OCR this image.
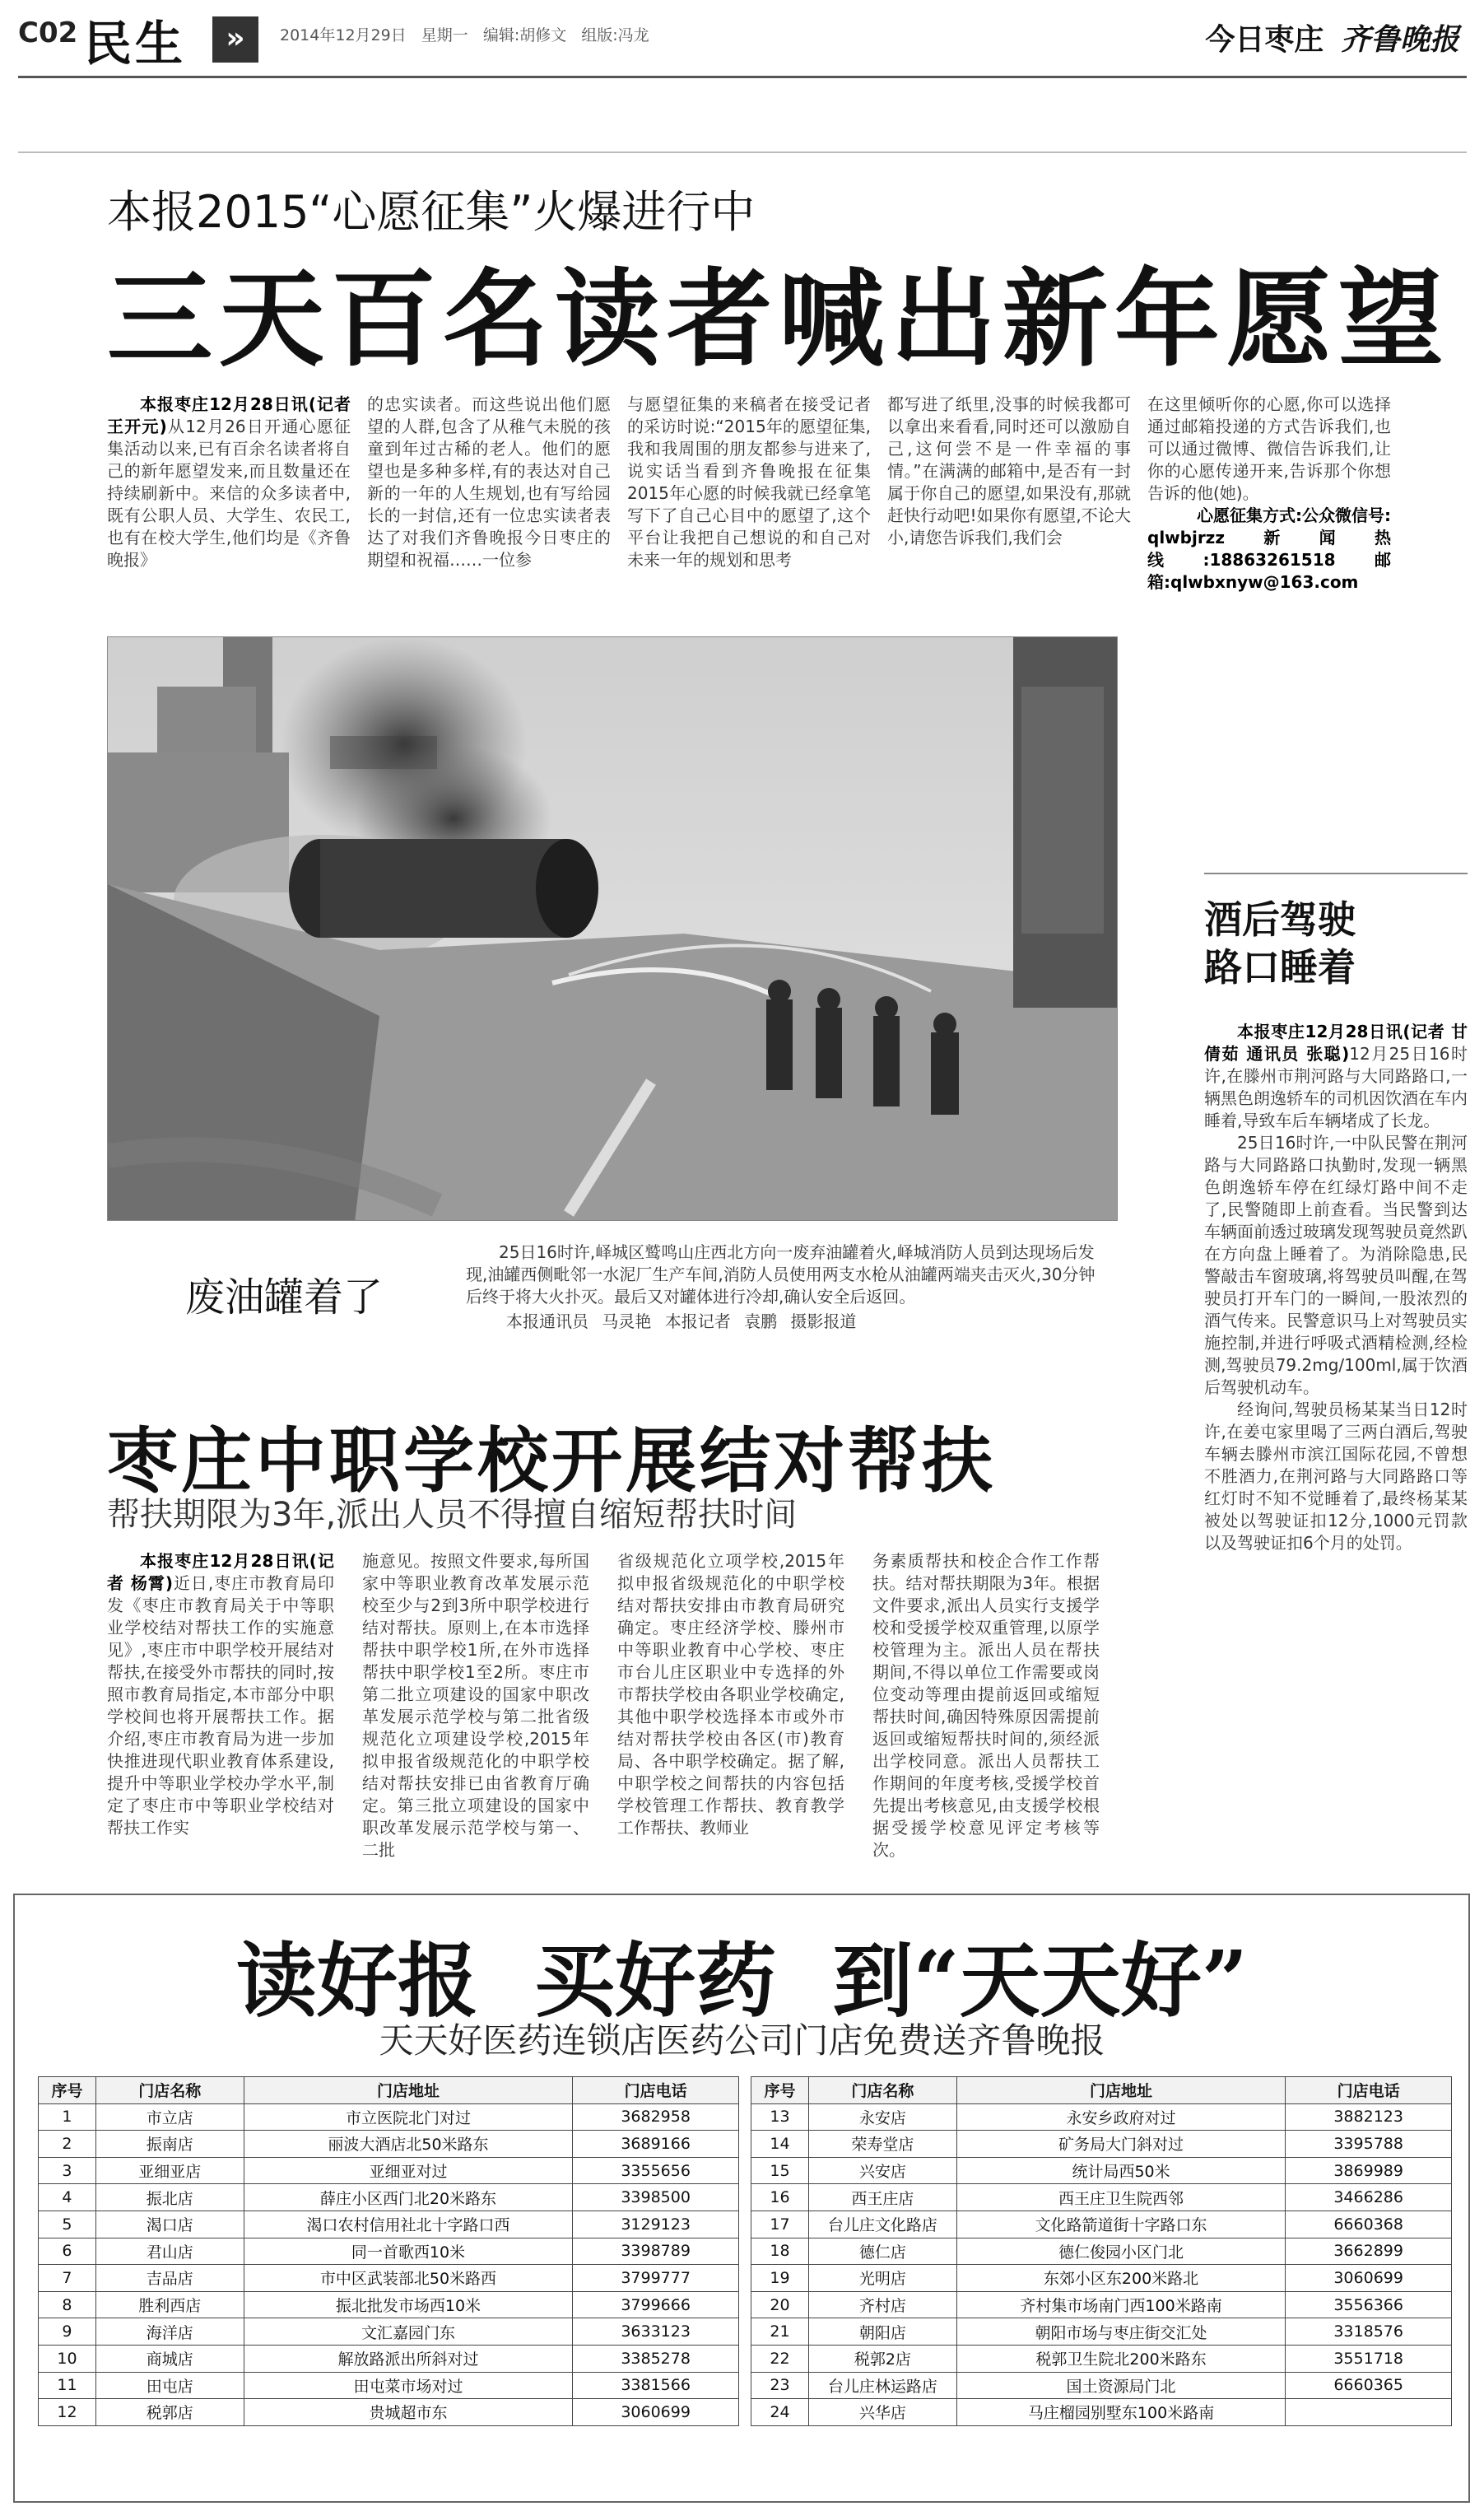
C02 民生	»	2014年12月29日 星期一 编辑:胡修文 组版:冯龙	今日枣庄 齐鲁晚报
本报2015“心愿征集”火爆进行中
三天百名读者喊出新年愿望
本报枣庄12月28日讯(记者 王开元)从12月26日开通心愿征集活动以来,已有百余名读者将自己的新年愿望发来,而且数量还在持续刷新中。来信的众多读者中,既有公职人员、大学生、农民工,也有在校大学生,他们均是《齐鲁晚报》
的忠实读者。而这些说出他们愿望的人群,包含了从稚气未脱的孩童到年过古稀的老人。他们的愿望也是多种多样,有的表达对自己新的一年的人生规划,也有写给园长的一封信,还有一位忠实读者表达了对我们齐鲁晚报今日枣庄的期望和祝福……一位参
与愿望征集的来稿者在接受记者的采访时说:“2015年的愿望征集,我和我周围的朋友都参与进来了,说实话当看到齐鲁晚报在征集2015年心愿的时候我就已经拿笔写下了自己心目中的愿望了,这个平台让我把自己想说的和自己对未来一年的规划和思考
都写进了纸里,没事的时候我都可以拿出来看看,同时还可以激励自己,这何尝不是一件幸福的事情。”在满满的邮箱中,是否有一封属于你自己的愿望,如果没有,那就赶快行动吧!如果你有愿望,不论大小,请您告诉我们,我们会
在这里倾听你的心愿,你可以选择通过邮箱投递的方式告诉我们,也可以通过微博、微信告诉我们,让你的心愿传递开来,告诉那个你想告诉的他(她)。

心愿征集方式:公众微信号:
qlwbjrzz新闻热线:18863261518邮箱:qlwbxnyw@163.com
废油罐着了
25日16时许,峄城区鹫鸣山庄西北方向一废弃油罐着火,峄城消防人员到达现场后发现,油罐西侧毗邻一水泥厂生产车间,消防人员使用两支水枪从油罐两端夹击灭火,30分钟后终于将大火扑灭。最后又对罐体进行冷却,确认安全后返回。
本报通讯员 马灵艳 本报记者 袁鹏 摄影报道
酒后驾驶
路口睡着
本报枣庄12月28日讯(记者 甘倩茹 通讯员 张聪)12月25日16时许,在滕州市荆河路与大同路路口,一辆黑色朗逸轿车的司机因饮酒在车内睡着,导致车后车辆堵成了长龙。
25日16时许,一中队民警在荆河路与大同路路口执勤时,发现一辆黑色朗逸轿车停在红绿灯路中间不走了,民警随即上前查看。当民警到达车辆面前透过玻璃发现驾驶员竟然趴在方向盘上睡着了。为消除隐患,民警敲击车窗玻璃,将驾驶员叫醒,在驾驶员打开车门的一瞬间,一股浓烈的酒气传来。民警意识马上对驾驶员实施控制,并进行呼吸式酒精检测,经检测,驾驶员79.2mg/100ml,属于饮酒后驾驶机动车。
经询问,驾驶员杨某某当日12时许,在姜屯家里喝了三两白酒后,驾驶车辆去滕州市滨江国际花园,不曾想不胜酒力,在荆河路与大同路路口等红灯时不知不觉睡着了,最终杨某某被处以驾驶证扣12分,1000元罚款以及驾驶证扣6个月的处罚。
枣庄中职学校开展结对帮扶
帮扶期限为3年,派出人员不得擅自缩短帮扶时间
本报枣庄12月28日讯(记者 杨霄)近日,枣庄市教育局印发《枣庄市教育局关于中等职业学校结对帮扶工作的实施意见》,枣庄市中职学校开展结对帮扶,在接受外市帮扶的同时,按照市教育局指定,本市部分中职学校间也将开展帮扶工作。据介绍,枣庄市教育局为进一步加快推进现代职业教育体系建设,提升中等职业学校办学水平,制定了枣庄市中等职业学校结对帮扶工作实
施意见。按照文件要求,每所国家中等职业教育改革发展示范校至少与2到3所中职学校进行结对帮扶。原则上,在本市选择帮扶中职学校1所,在外市选择帮扶中职学校1至2所。枣庄市第二批立项建设的国家中职改革发展示范学校与第二批省级规范化立项建设学校,2015年拟申报省级规范化的中职学校结对帮扶安排已由省教育厅确定。第三批立项建设的国家中职改革发展示范学校与第一、二批
省级规范化立项学校,2015年拟申报省级规范化的中职学校结对帮扶安排由市教育局研究确定。枣庄经济学校、滕州市中等职业教育中心学校、枣庄市台儿庄区职业中专选择的外市帮扶学校由各职业学校确定,其他中职学校选择本市或外市结对帮扶学校由各区(市)教育局、各中职学校确定。据了解,中职学校之间帮扶的内容包括学校管理工作帮扶、教育教学工作帮扶、教师业
务素质帮扶和校企合作工作帮扶。结对帮扶期限为3年。根据文件要求,派出人员实行支援学校和受援学校双重管理,以原学校管理为主。派出人员在帮扶期间,不得以单位工作需要或岗位变动等理由提前返回或缩短帮扶时间,确因特殊原因需提前返回或缩短帮扶时间的,须经派出学校同意。派出人员帮扶工作期间的年度考核,受援学校首先提出考核意见,由支援学校根据受援学校意见评定考核等次。
读好报  买好药  到“天天好”
天天好医药连锁店医药公司门店免费送齐鲁晚报
序号	门店名称	门店地址	门店电话
1	市立店	市立医院北门对过	3682958
2	振南店	丽波大酒店北50米路东	3689166
3	亚细亚店	亚细亚对过	3355656
4	振北店	薛庄小区西门北20米路东	3398500
5	渴口店	渴口农村信用社北十字路口西	3129123
6	君山店	同一首歌西10米	3398789
7	吉品店	市中区武装部北50米路西	3799777
8	胜利西店	振北批发市场西10米	3799666
9	海洋店	文汇嘉园门东	3633123
10	商城店	解放路派出所斜对过	3385278
11	田屯店	田屯菜市场对过	3381566
12	税郭店	贵城超市东	3060699
序号	门店名称	门店地址	门店电话
13	永安店	永安乡政府对过	3882123
14	荣寿堂店	矿务局大门斜对过	3395788
15	兴安店	统计局西50米	3869989
16	西王庄店	西王庄卫生院西邻	3466286
17	台儿庄文化路店	文化路箭道街十字路口东	6660368
18	德仁店	德仁俊园小区门北	3662899
19	光明店	东郊小区东200米路北	3060699
20	齐村店	齐村集市场南门西100米路南	3556366
21	朝阳店	朝阳市场与枣庄街交汇处	3318576
22	税郭2店	税郭卫生院北200米路东	3551718
23	台儿庄林运路店	国土资源局门北	6660365
24	兴华店	马庄榴园别墅东100米路南	
